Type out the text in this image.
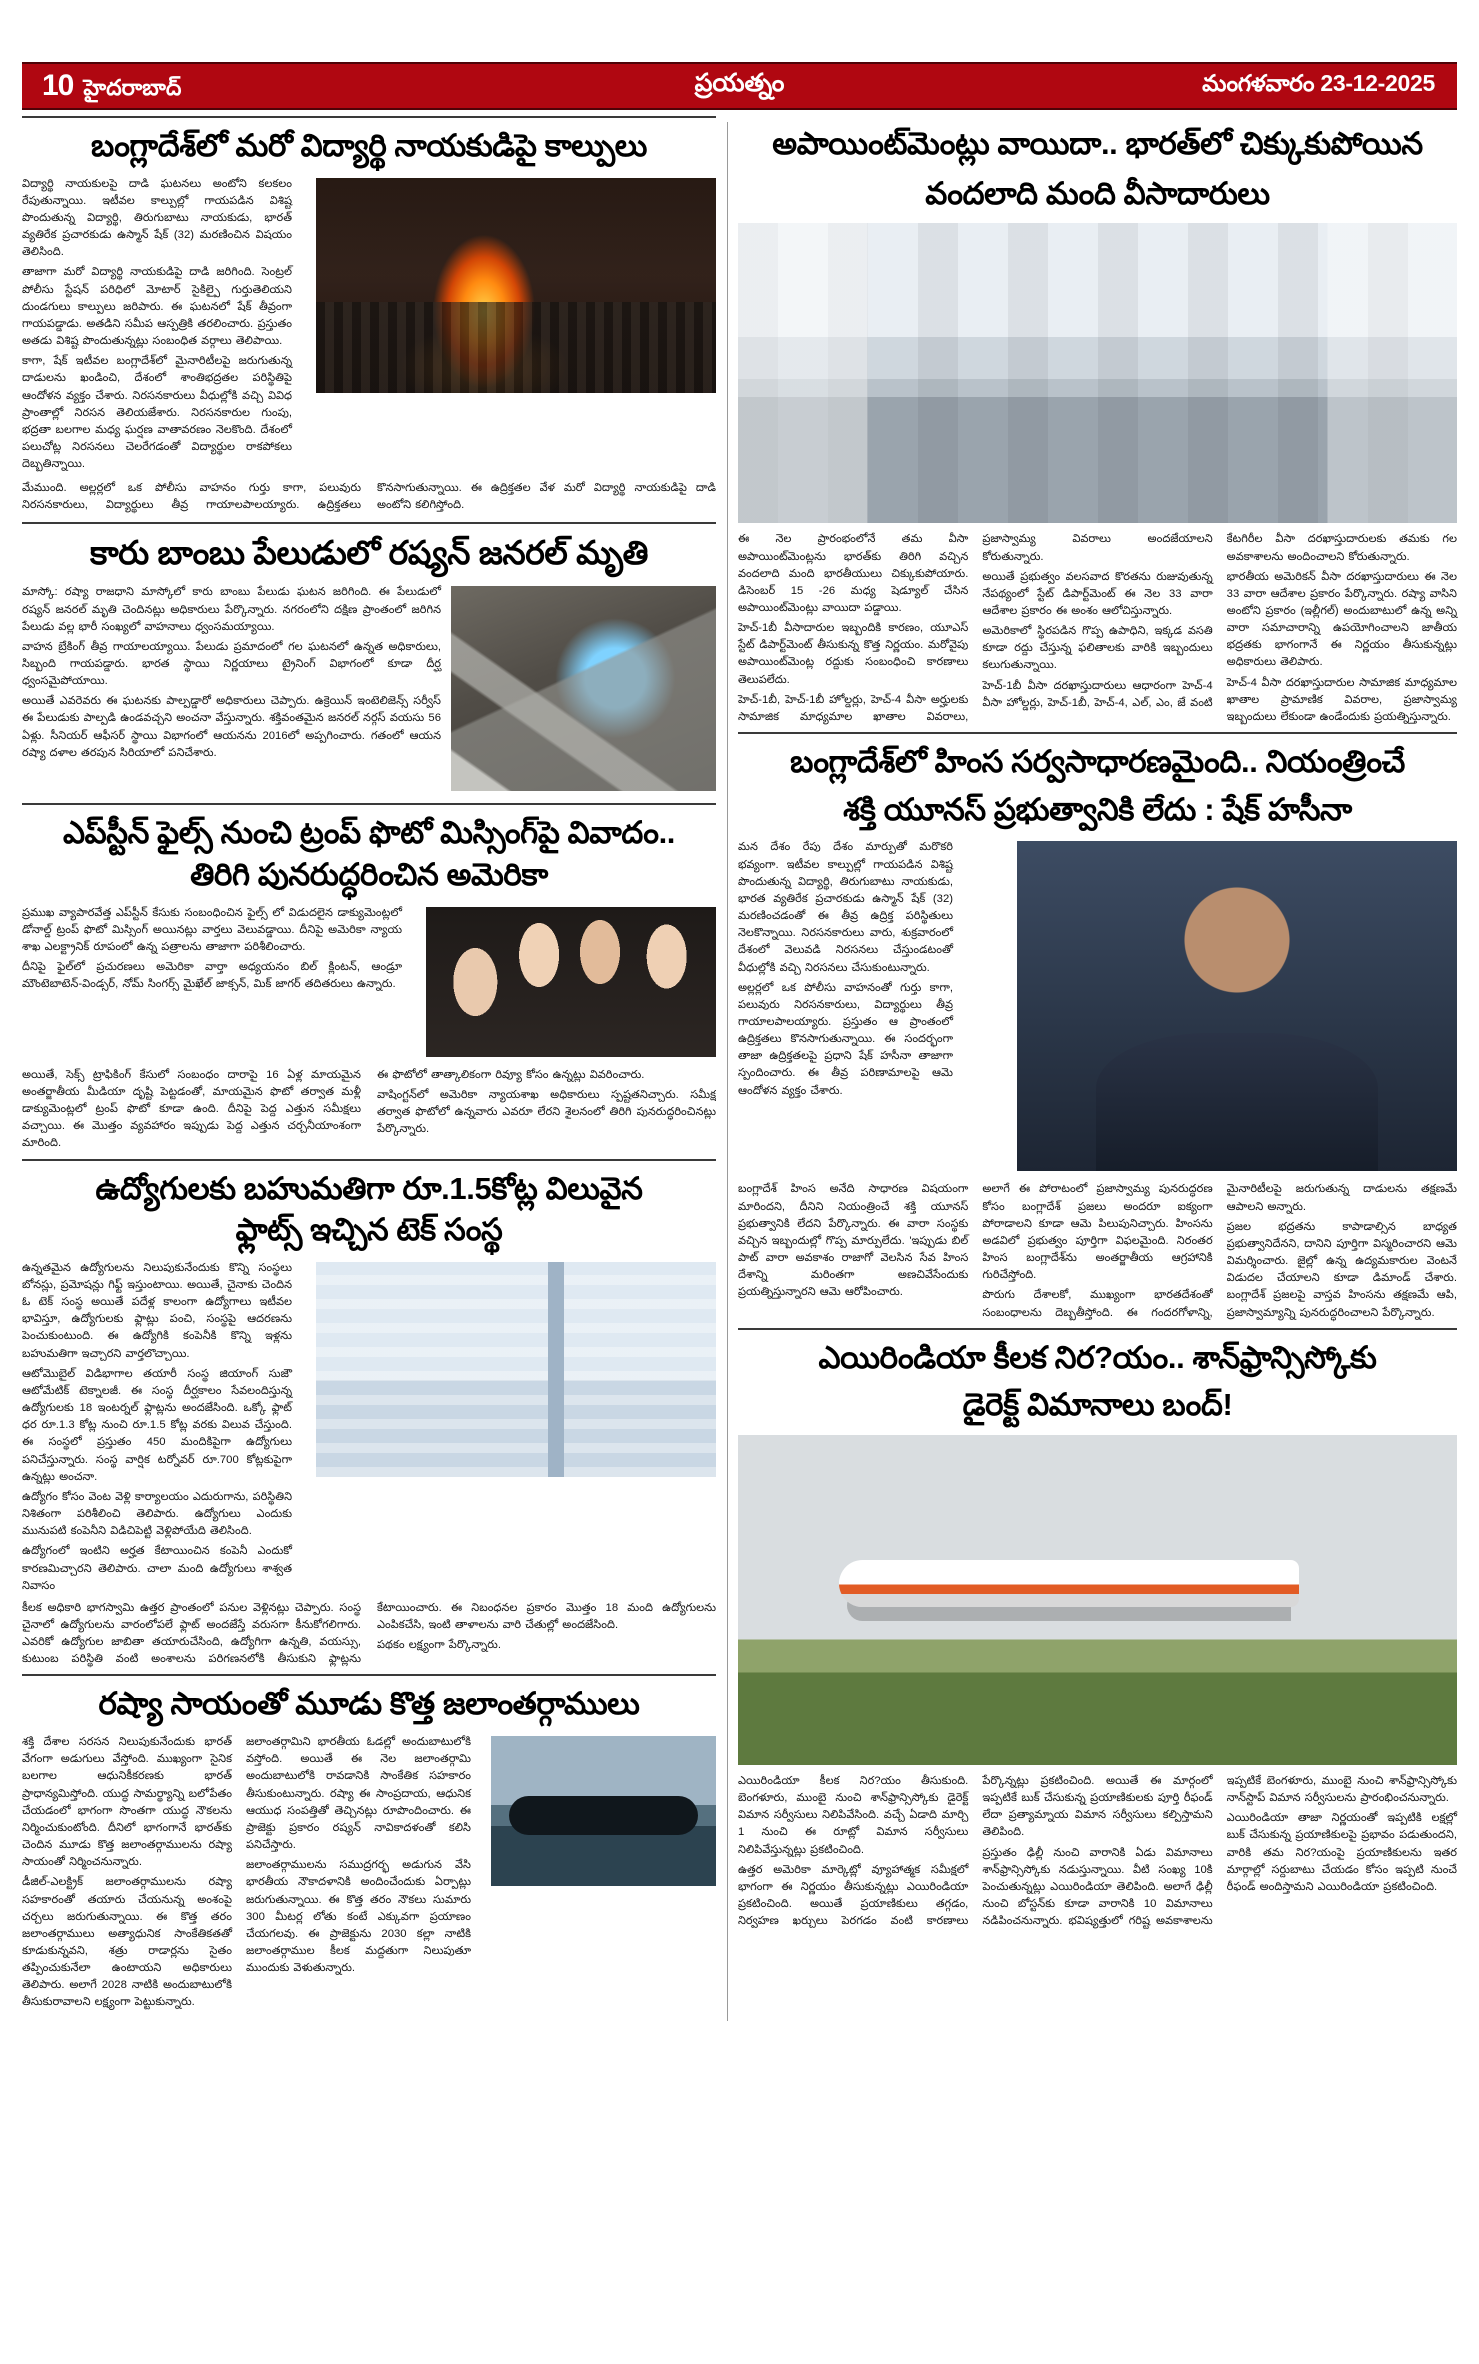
10 హైదరాబాద్	ప్రయత్నం	మంగళవారం 23-12-2025
బంగ్లాదేశ్‌లో మరో విద్యార్థి నాయకుడిపై కాల్పులు

విద్యార్థి నాయకులపై దాడి ఘటనలు అంటోని కలకలం రేపుతున్నాయి. ఇటీవల కాల్పుల్లో గాయపడిన విశిష్ట పొందుతున్న విద్యార్థి, తిరుగుబాటు నాయకుడు, భారత్ వ్యతిరేక ప్రచారకుడు ఉస్మాన్ షేక్ (32) మరణించిన విషయం తెలిసింది.

తాజాగా మరో విద్యార్థి నాయకుడిపై దాడి జరిగింది. సెంట్రల్ పోలీసు స్టేషన్ పరిధిలో మోటార్ సైకిల్పై గుర్తుతెలియని దుండగులు కాల్పులు జరిపారు. ఈ ఘటనలో షేక్ తీవ్రంగా గాయపడ్డాడు. అతడిని సమీప ఆస్పత్రికి తరలించారు. ప్రస్తుతం అతడు విశిష్ట పొందుతున్నట్లు సంబంధిత వర్గాలు తెలిపాయి.

కాగా, షేక్ ఇటీవల బంగ్లాదేశ్‌లో మైనారిటీలపై జరుగుతున్న దాడులను ఖండించి, దేశంలో శాంతిభద్రతల పరిస్థితిపై ఆందోళన వ్యక్తం చేశారు. నిరసనకారులు వీధుల్లోకి వచ్చి వివిధ ప్రాంతాల్లో నిరసన తెలియజేశారు. నిరసనకారుల గుంపు, భద్రతా బలగాల మధ్య ఘర్షణ వాతావరణం నెలకొంది. దేశంలో పలుచోట్ల నిరసనలు చెలరేగడంతో విద్యార్థుల రాకపోకలు దెబ్బతిన్నాయి.

మేముంది. అల్లర్లలో ఒక పోలీసు వాహనం గుర్తు కాగా, పలువురు నిరసనకారులు, విద్యార్థులు తీవ్ర గాయాలపాలయ్యారు. ఉద్రిక్తతలు కొనసాగుతున్నాయి. ఈ ఉద్రిక్తతల వేళ మరో విద్యార్థి నాయకుడిపై దాడి అంటోని కలిగిస్తోంది.

కారు బాంబు పేలుడులో రష్యన్ జనరల్ మృతి

మాస్కో: రష్యా రాజధాని మాస్కోలో కారు బాంబు పేలుడు ఘటన జరిగింది. ఈ పేలుడులో రష్యన్ జనరల్ మృతి చెందినట్లు అధికారులు పేర్కొన్నారు. నగరంలోని దక్షిణ ప్రాంతంలో జరిగిన పేలుడు వల్ల భారీ సంఖ్యలో వాహనాలు ధ్వంసమయ్యాయి.

వాహన బ్రేకింగ్ తీవ్ర గాయాలయ్యాయి. పేలుడు ప్రమాదంలో గల ఘటనలో ఉన్నత అధికారులు, సిబ్బంది గాయపడ్డారు. భారత స్థాయి నిర్ణయాలు ట్రైనింగ్ విభాగంలో కూడా దీర్ఘ ధ్వంసమైపోయాయి.

అయితే ఎవరెవరు ఈ ఘటనకు పాల్పడ్డారో అధికారులు చెప్పారు. ఉక్రెయిన్ ఇంటెలిజెన్స్ సర్వీస్ ఈ పేలుడుకు పాల్పడి ఉండవచ్చని అంచనా వేస్తున్నారు. శక్తివంతమైన జనరల్ నర్గస్ వయసు 56 ఏళ్లు. సీనియర్ ఆఫీసర్ స్థాయి విభాగంలో ఆయనను 2016లో అప్పగించారు. గతంలో ఆయన రష్యా దళాల తరపున సిరియాలో పనిచేశారు.

ఎప్‌స్టీన్ ఫైల్స్ నుంచి ట్రంప్ ఫొటో మిస్సింగ్‌పై వివాదం..
తిరిగి పునరుద్ధరించిన అమెరికా

ప్రముఖ వ్యాపారవేత్త ఎప్‌స్టీన్ కేసుకు సంబంధించిన ఫైల్స్ లో విడుదలైన డాక్యుమెంట్లలో డోనాల్డ్ ట్రంప్ ఫొటో మిస్సింగ్ అయినట్లు వార్తలు వెలువడ్డాయి. దీనిపై అమెరికా న్యాయ శాఖ ఎలక్ట్రానిక్ రూపంలో ఉన్న పత్రాలను తాజాగా పరిశీలించారు.

దీనిపై ఫైల్‌లో ప్రచురణలు అమెరికా వార్తా అధ్యయనం బిల్ క్లింటన్, ఆండ్రూ మౌంటెబాటెన్-విండ్సర్, నోమ్ సింగర్స్ మైఖేల్ జాక్సన్, మిక్ జాగర్ తదితరులు ఉన్నారు.

అయితే, సెక్స్ ట్రాఫికింగ్ కేసులో సంబంధం దారాపై 16 ఏళ్ల మాయమైన అంతర్జాతీయ మీడియా దృష్టి పెట్టడంతో, మాయమైన ఫొటో తర్వాత మళ్లీ డాక్యుమెంట్లలో ట్రంప్ ఫొటో కూడా ఉంది. దీనిపై పెద్ద ఎత్తున సమీక్షలు వచ్చాయి. ఈ మొత్తం వ్యవహారం ఇప్పుడు పెద్ద ఎత్తున చర్చనీయాంశంగా మారింది.

ఈ ఫొటోలో తాత్కాలికంగా రివ్యూ కోసం ఉన్నట్లు వివరించారు.

వాషింగ్టన్‌లో అమెరికా న్యాయశాఖ అధికారులు స్పష్టతనిచ్చారు. సమీక్ష తర్వాత ఫొటోలో ఉన్నవారు ఎవరూ లేరని శైలనంలో తిరిగి పునరుద్ధరించినట్లు పేర్కొన్నారు.

ఉద్యోగులకు బహుమతిగా రూ.1.5కోట్ల విలువైన
ఫ్లాట్స్ ఇచ్చిన టెక్ సంస్థ

ఉన్నతమైన ఉద్యోగులను నిలుపుకునేందుకు కొన్ని సంస్థలు బోనస్లు, ప్రమోషన్లు గిఫ్ట్ ఇస్తుంటాయి. అయితే, చైనాకు చెందిన ఓ టెక్ సంస్థ అయితే పదేళ్ల కాలంగా ఉద్యోగాలు ఇటీవల భావిస్తూ, ఉద్యోగులకు ఫ్లాట్లు పంచి, సంస్థపై ఆదరణను పెంచుకుంటుంది. ఈ ఉద్యోగికి కంపెనీకి కొన్ని ఇళ్లను బహుమతిగా ఇచ్చారని వార్తలొచ్చాయి.

ఆటోమొబైల్ విడిభాగాల తయారీ సంస్థ జియాంగ్ సుజౌ ఆటోమేటిక్ టెక్నాలజీ. ఈ సంస్థ దీర్ఘకాలం సేవలందిస్తున్న ఉద్యోగులకు 18 ఇంటర్నల్ ఫ్లాట్లను అందజేసింది. ఒక్కో ఫ్లాట్ ధర రూ.1.3 కోట్ల నుంచి రూ.1.5 కోట్ల వరకు విలువ చేస్తుంది. ఈ సంస్థలో ప్రస్తుతం 450 మందికిపైగా ఉద్యోగులు పనిచేస్తున్నారు. సంస్థ వార్షిక టర్నోవర్ రూ.700 కోట్లకుపైగా ఉన్నట్లు అంచనా.

ఉద్యోగం కోసం వెంట వెళ్లి కార్యాలయం ఎదురుగాను, పరిస్థితిని నిశితంగా పరిశీలించి తెలిపారు. ఉద్యోగులు ఎందుకు మునుపటి కంపెనీని విడిచిపెట్టి వెళ్లిపోయేది తెలిసింది.

ఉద్యోగంలో ఇంటిని అర్హత కేటాయించిన కంపెనీ ఎందుకో కారణమిచ్చారని తెలిపారు. చాలా మంది ఉద్యోగులు శాశ్వత నివాసం

కీలక అధికారి భాగస్వామి ఉత్తర ప్రాంతంలో పనుల వెళ్లినట్లు చెప్పారు. సంస్థ చైనాలో ఉద్యోగులను వారంలోపలే ఫ్లాట్ అందజేస్తే వరుసగా కీనుకోగలిగారు. ఎవరికో ఉద్యోగుల జాబితా తయారుచేసింది, ఉద్యోగిగా ఉన్నతి, వయస్సు, కుటుంబ పరిస్థితి వంటి అంశాలను పరిగణనలోకి తీసుకుని ఫ్లాట్లను కేటాయించారు. ఈ నిబంధనల ప్రకారం మొత్తం 18 మంది ఉద్యోగులను ఎంపికచేసి, ఇంటి తాళాలను వారి చేతుల్లో అందజేసింది.

పథకం లక్ష్యంగా పేర్కొన్నారు.

రష్యా సాయంతో మూడు కొత్త జలాంతర్గాములు

శక్తి దేశాల సరసన నిలుపుకునేందుకు భారత్ వేగంగా అడుగులు వేస్తోంది. ముఖ్యంగా సైనిక బలగాల ఆధునికీకరణకు భారత్ ప్రాధాన్యమిస్తోంది. యుద్ధ సామర్థ్యాన్ని బలోపేతం చేయడంలో భాగంగా సొంతగా యుద్ధ నౌకలను నిర్మించుకుంటోంది. దీనిలో భాగంగానే భారత్‌కు చెందిన మూడు కొత్త జలాంతర్గాములను రష్యా సాయంతో నిర్మించనున్నారు.

డీజిల్-ఎలక్ట్రిక్ జలాంతర్గాములను రష్యా సహకారంతో తయారు చేయనున్న అంశంపై చర్చలు జరుగుతున్నాయి. ఈ కొత్త తరం జలాంతర్గాములు అత్యాధునిక సాంకేతికతతో కూడుకున్నవని, శత్రు రాడార్లను సైతం తప్పించుకునేలా ఉంటాయని అధికారులు తెలిపారు. అలాగే 2028 నాటికి అందుబాటులోకి తీసుకురావాలని లక్ష్యంగా పెట్టుకున్నారు.

జలాంతర్గామిని భారతీయ ఓడల్లో అందుబాటులోకి వస్తోంది. అయితే ఈ నెల జలాంతర్గామి అందుబాటులోకి రావడానికి సాంకేతిక సహకారం తీసుకుంటున్నారు. రష్యా ఈ సాంప్రదాయ, ఆధునిక ఆయుధ సంపత్తితో తెచ్చినట్లు రూపొందించారు. ఈ ప్రాజెక్టు ప్రకారం రష్యన్ నావికాదళంతో కలిసి పనిచేస్తారు.

జలాంతర్గాములను సముద్రగర్భ అడుగున వేసి భారతీయ నౌకాదళానికి అందించేందుకు ఏర్పాట్లు జరుగుతున్నాయి. ఈ కొత్త తరం నౌకలు సుమారు 300 మీటర్ల లోతు కంటే ఎక్కువగా ప్రయాణం చేయగలవు. ఈ ప్రాజెక్టును 2030 కల్లా నాటికి జలాంతర్గాముల కీలక మద్దతుగా నిలుపుతూ ముందుకు వెళుతున్నారు.

అపాయింట్‌మెంట్లు వాయిదా.. భారత్‌లో చిక్కుకుపోయిన
వందలాది మంది వీసాదారులు

ఈ నెల ప్రారంభంలోనే తమ వీసా అపాయింట్‌మెంట్లను భారత్‌కు తిరిగి వచ్చిన వందలాది మంది భారతీయులు చిక్కుకుపోయారు. డిసెంబర్ 15 -26 మధ్య షెడ్యూల్ చేసిన అపాయింట్‌మెంట్లు వాయిదా పడ్డాయి.

హెచ్‌-1బీ వీసాదారుల ఇబ్బందికి కారణం, యూఎస్ స్టేట్ డిపార్ట్‌మెంట్ తీసుకున్న కొత్త నిర్ణయం. మరోవైపు అపాయింట్‌మెంట్ల రద్దుకు సంబంధించి కారణాలు తెలుపలేదు.

హెచ్‌-1బీ, హెచ్‌-1బీ హోల్డర్లు, హెచ్‌-4 వీసా అర్హులకు సామాజిక మాధ్యమాల ఖాతాల వివరాలు, ప్రజాస్వామ్య వివరాలు అందజేయాలని కోరుతున్నారు.

అయితే ప్రభుత్వం వలసవాద కొరతను రుజువుతున్న నేపథ్యంలో స్టేట్ డిపార్ట్‌మెంట్ ఈ నెల 33 వారా ఆదేశాల ప్రకారం ఈ అంశం ఆలోచిస్తున్నారు.

అమెరికాలో స్థిరపడిన గొప్ప ఉపాధిని, ఇక్కడ వసతి కూడా రద్దు చేస్తున్న ఫలితాలకు వారికి ఇబ్బందులు కలుగుతున్నాయి.

హెచ్‌-1బీ వీసా దరఖాస్తుదారులు ఆధారంగా హెచ్‌-4 వీసా హోల్డర్లు, హెచ్‌-1బీ, హెచ్‌-4, ఎల్, ఎం, జే వంటి కేటగిరీల వీసా దరఖాస్తుదారులకు తమకు గల అవకాశాలను అందించాలని కోరుతున్నారు.

భారతీయ అమెరికన్ వీసా దరఖాస్తుదారులు ఈ నెల 33 వారా ఆదేశాల ప్రకారం పేర్కొన్నారు. రష్యా వాసిని అంటోని ప్రకారం (ఇల్లీగల్) అందుబాటులో ఉన్న అన్ని వారా సమాచారాన్ని ఉపయోగించాలని జాతీయ భద్రతకు భాగంగానే ఈ నిర్ణయం తీసుకున్నట్లు అధికారులు తెలిపారు.

హెచ్‌-4 వీసా దరఖాస్తుదారుల సామాజిక మాధ్యమాల ఖాతాల ప్రామాణిక వివరాల, ప్రజాస్వామ్య ఇబ్బందులు లేకుండా ఉండేందుకు ప్రయత్నిస్తున్నారు.

బంగ్లాదేశ్‌లో హింస సర్వసాధారణమైంది.. నియంత్రించే
శక్తి యూనస్ ప్రభుత్వానికి లేదు : షేక్ హసీనా

మన దేశం రేపు దేశం మార్పుతో మరొకరి భవ్యంగా. ఇటీవల కాల్పుల్లో గాయపడిన విశిష్ట పొందుతున్న విద్యార్థి, తిరుగుబాటు నాయకుడు, భారత వ్యతిరేక ప్రచారకుడు ఉస్మాన్ షేక్ (32) మరణించడంతో ఈ తీవ్ర ఉద్రిక్త పరిస్థితులు నెలకొన్నాయి. నిరసనకారులు వారు, శుక్రవారంలో దేశంలో వెలువడి నిరసనలు చేస్తుండటంతో వీధుల్లోకి వచ్చి నిరసనలు చేసుకుంటున్నారు.

అల్లర్లలో ఒక పోలీసు వాహనంతో గుర్తు కాగా, పలువురు నిరసనకారులు, విద్యార్థులు తీవ్ర గాయాలపాలయ్యారు. ప్రస్తుతం ఆ ప్రాంతంలో ఉద్రిక్తతలు కొనసాగుతున్నాయి. ఈ సందర్భంగా తాజా ఉద్రిక్తతలపై ప్రధాని షేక్ హసీనా తాజాగా స్పందించారు. ఈ తీవ్ర పరిణామాలపై ఆమె ఆందోళన వ్యక్తం చేశారు.

బంగ్లాదేశ్ హింస అనేది సాధారణ విషయంగా మారిందని, దీనిని నియంత్రించే శక్తి యూనస్ ప్రభుత్వానికి లేదని పేర్కొన్నారు. ఈ వారా సంస్థకు వచ్చిన ఇబ్బందుల్లో గొప్ప మార్పులేదు. 'ఇప్పుడు బిల్ పాట్ వారా అవకాశం రాజాగో వెలసిన సేవ హింస దేశాన్ని మరింతగా అణచివేసేందుకు ప్రయత్నిస్తున్నారని ఆమె ఆరోపించారు.

అలాగే ఈ పోరాటంలో ప్రజాస్వామ్య పునరుద్ధరణ కోసం బంగ్లాదేశ్ ప్రజలు అందరూ ఐక్యంగా పోరాడాలని కూడా ఆమె పిలుపునిచ్చారు. హింసను అడవిలో ప్రభుత్వం పూర్తిగా విఫలమైంది. నిరంతర హింస బంగ్లాదేశ్‌ను అంతర్జాతీయ ఆగ్రహానికి గురిచేస్తోంది.

పొరుగు దేశాలకో, ముఖ్యంగా భారతదేశంతో సంబంధాలను దెబ్బతీస్తోంది. ఈ గందరగోళాన్ని, మైనారిటీలపై జరుగుతున్న దాడులను తక్షణమే ఆపాలని అన్నారు.

ప్రజల భద్రతను కాపాడాల్సిన బాధ్యత ప్రభుత్వానిదేనని, దానిని పూర్తిగా విస్మరించారని ఆమె విమర్శించారు. జైల్లో ఉన్న ఉద్యమకారుల వెంటనే విడుదల చేయాలని కూడా డిమాండ్ చేశారు. బంగ్లాదేశ్ ప్రజలపై వాస్తవ హింసను తక్షణమే ఆపి, ప్రజాస్వామ్యాన్ని పునరుద్ధరించాలని పేర్కొన్నారు.

ఎయిరిండియా కీలక నిర?యం.. శాన్‌ఫ్రాన్సిస్కోకు
డైరెక్ట్ విమానాలు బంద్!

ఎయిరిండియా కీలక నిర?యం తీసుకుంది. బెంగళూరు, ముంబై నుంచి శాన్‌ఫ్రాన్సిస్కోకు డైరెక్ట్ విమాన సర్వీసులు నిలిపివేసింది. వచ్చే ఏడాది మార్చి 1 నుంచి ఈ రూట్లో విమాన సర్వీసులు నిలిపివేస్తున్నట్లు ప్రకటించింది.

ఉత్తర అమెరికా మార్కెట్లో వ్యూహాత్మక సమీక్షలో భాగంగా ఈ నిర్ణయం తీసుకున్నట్లు ఎయిరిండియా ప్రకటించింది. అయితే ప్రయాణికులు తగ్గడం, నిర్వహణ ఖర్చులు పెరగడం వంటి కారణాలు పేర్కొన్నట్లు ప్రకటించింది. అయితే ఈ మార్గంలో ఇప్పటికే బుక్ చేసుకున్న ప్రయాణికులకు పూర్తి రీఫండ్ లేదా ప్రత్యామ్నాయ విమాన సర్వీసులు కల్పిస్తామని తెలిపింది.

ప్రస్తుతం ఢిల్లీ నుంచి వారానికి ఏడు విమానాలు శాన్‌ఫ్రాన్సిస్కోకు నడుస్తున్నాయి. వీటి సంఖ్య 10కి పెంచుతున్నట్లు ఎయిరిండియా తెలిపింది. అలాగే ఢిల్లీ నుంచి బోస్టన్‌కు కూడా వారానికి 10 విమానాలు నడిపించనున్నారు. భవిష్యత్తులో గరిష్ట అవకాశాలను ఇప్పటికే బెంగళూరు, ముంబై నుంచి శాన్‌ఫ్రాన్సిస్కోకు నాన్‌స్టాప్ విమాన సర్వీసులను ప్రారంభించనున్నారు.

ఎయిరిండియా తాజా నిర్ణయంతో ఇప్పటికి లక్షల్లో బుక్ చేసుకున్న ప్రయాణికులపై ప్రభావం పడుతుందని, వారికి తమ నిర?యంపై ప్రయాణికులను ఇతర మార్గాల్లో సర్దుబాటు చేయడం కోసం ఇప్పటి నుంచే రీఫండ్ అందిస్తామని ఎయిరిండియా ప్రకటించింది.
